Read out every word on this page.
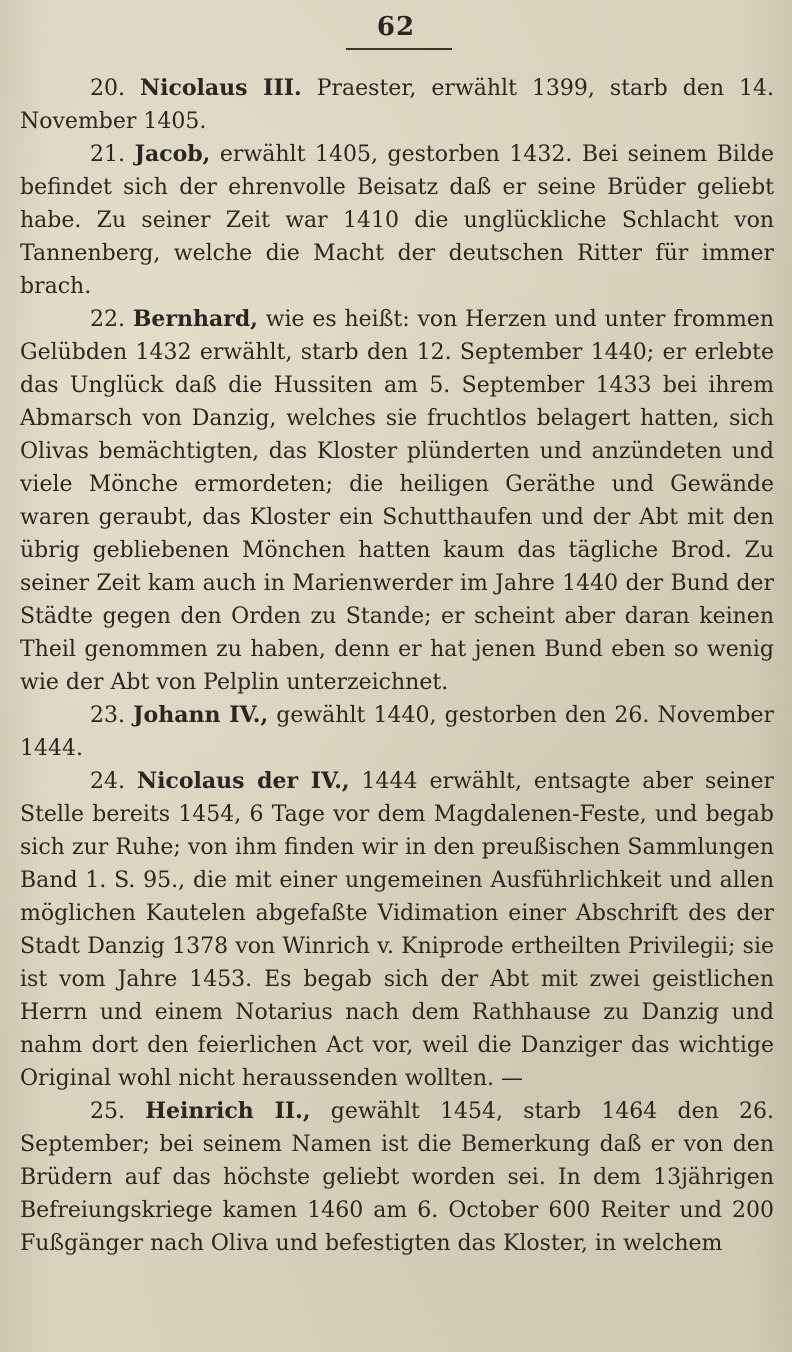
62

20. Nicolaus III. Praester, erwählt 1399, starb den 14. November 1405.

21. Jacob, erwählt 1405, gestorben 1432. Bei seinem Bilde befindet sich der ehrenvolle Beisatz daß er seine Brüder geliebt habe. Zu seiner Zeit war 1410 die unglückliche Schlacht von Tannenberg, welche die Macht der deutschen Ritter für immer brach.

22. Bernhard, wie es heißt: von Herzen und unter frommen Gelübden 1432 erwählt, starb den 12. September 1440; er erlebte das Unglück daß die Hussiten am 5. September 1433 bei ihrem Abmarsch von Danzig, welches sie fruchtlos belagert hatten, sich Olivas bemächtigten, das Kloster plünderten und anzündeten und viele Mönche ermordeten; die heiligen Geräthe und Gewände waren geraubt, das Kloster ein Schutthaufen und der Abt mit den übrig gebliebenen Mönchen hatten kaum das tägliche Brod. Zu seiner Zeit kam auch in Marienwerder im Jahre 1440 der Bund der Städte gegen den Orden zu Stande; er scheint aber daran keinen Theil genommen zu haben, denn er hat jenen Bund eben so wenig wie der Abt von Pelplin unterzeichnet.

23. Johann IV., gewählt 1440, gestorben den 26. November 1444.

24. Nicolaus der IV., 1444 erwählt, entsagte aber seiner Stelle bereits 1454, 6 Tage vor dem Magdalenen-Feste, und begab sich zur Ruhe; von ihm finden wir in den preußischen Sammlungen Band 1. S. 95., die mit einer ungemeinen Ausführlichkeit und allen möglichen Kautelen abgefaßte Vidimation einer Abschrift des der Stadt Danzig 1378 von Winrich v. Kniprode ertheilten Privilegii; sie ist vom Jahre 1453. Es begab sich der Abt mit zwei geistlichen Herrn und einem Notarius nach dem Rathhause zu Danzig und nahm dort den feierlichen Act vor, weil die Danziger das wichtige Original wohl nicht heraussenden wollten. —

25. Heinrich II., gewählt 1454, starb 1464 den 26. September; bei seinem Namen ist die Bemerkung daß er von den Brüdern auf das höchste geliebt worden sei. In dem 13jährigen Befreiungskriege kamen 1460 am 6. October 600 Reiter und 200 Fußgänger nach Oliva und befestigten das Kloster, in welchem
